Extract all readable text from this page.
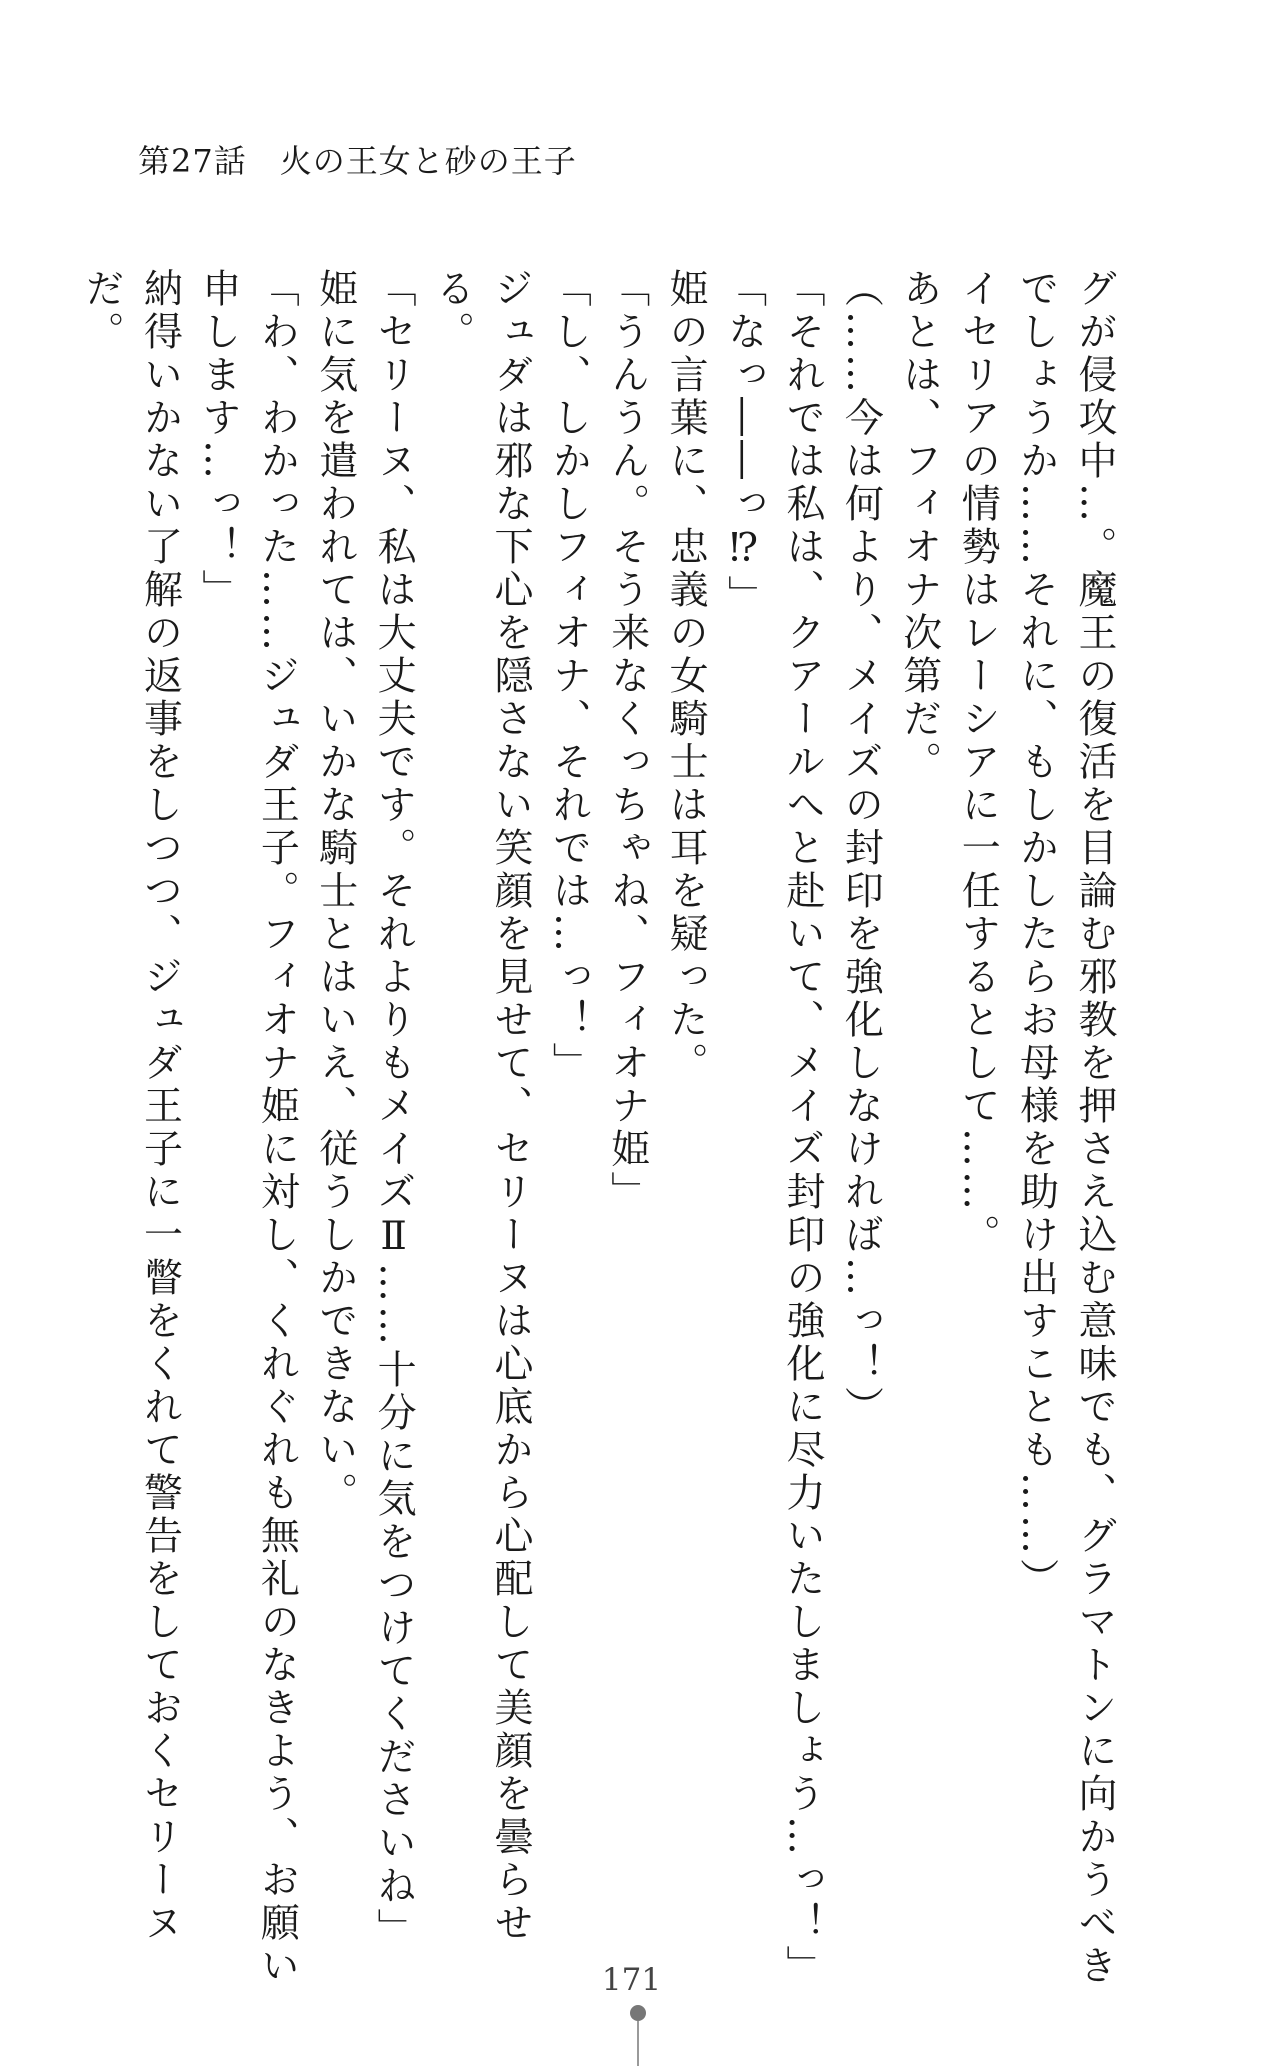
第27話　火の王女と砂の王子
グが侵攻中…。魔王の復活を目論む邪教を押さえ込む意味でも、グラマトンに向かうべき
でしょうか……それに、もしかしたらお母様を助け出すことも……）
イセリアの情勢はレーシアに一任するとして……。
あとは、フィオナ次第だ。
（……今は何より、メイズの封印を強化しなければ…っ！）
「それでは私は、クアールへと赴いて、メイズ封印の強化に尽力いたしましょう…っ！」
「なっ――っ⁉」
姫の言葉に、忠義の女騎士は耳を疑った。
「うんうん。そう来なくっちゃね、フィオナ姫」
「し、しかしフィオナ、それでは…っ！」
ジュダは邪な下心を隠さない笑顔を見せて、セリーヌは心底から心配して美顔を曇らせ
る。
「セリーヌ、私は大丈夫です。それよりもメイズⅡ……十分に気をつけてくださいね」
姫に気を遣われては、いかな騎士とはいえ、従うしかできない。
「わ、わかった……ジュダ王子。フィオナ姫に対し、くれぐれも無礼のなきよう、お願い
申します…っ！」
納得いかない了解の返事をしつつ、ジュダ王子に一瞥をくれて警告をしておくセリーヌ
だ。
171
